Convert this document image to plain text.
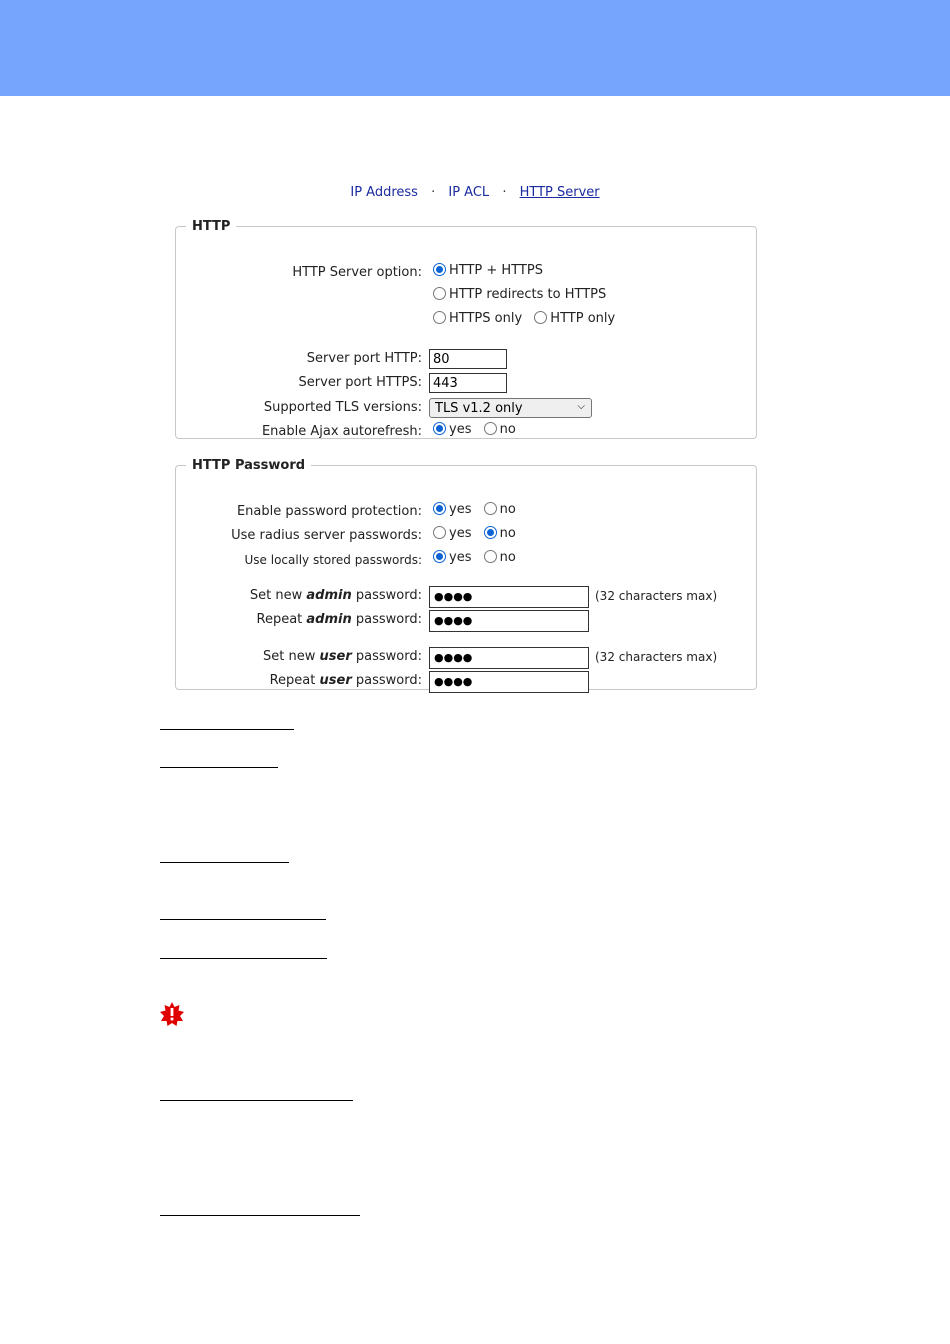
IP Address · IP ACL · HTTP Server
HTTP
HTTP Server option:	HTTP + HTTPS
HTTP redirects to HTTPS
HTTPS only HTTP only
Server port HTTP: 80
Server port HTTPS: 443
Supported TLS versions:	TLS v1.2 only	⌵
Enable Ajax autorefresh:	yes no
HTTP Password
Enable password protection:	yes no
Use radius server passwords:	yes no
Use locally stored passwords:	yes no
Set new admin password:	●●●●	(32 characters max)
Repeat admin password:	●●●●
Set new user password:	●●●●	(32 characters max)
Repeat user password:	●●●●
